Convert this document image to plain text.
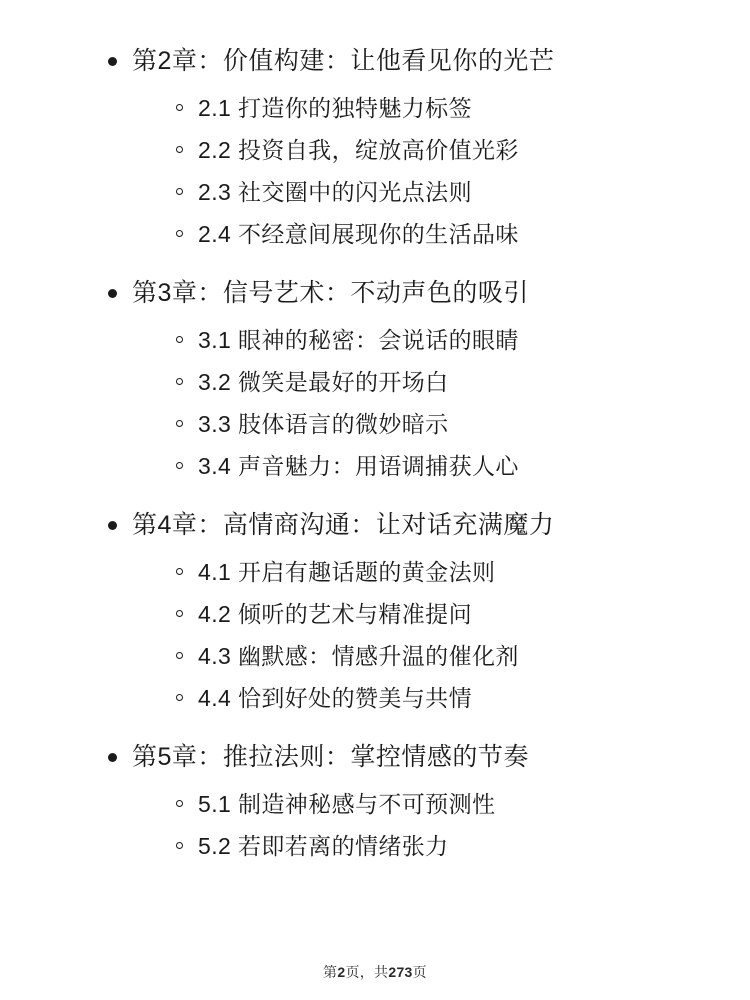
第2章：价值构建：让他看见你的光芒
2.1 打造你的独特魅力标签
2.2 投资自我，绽放高价值光彩
2.3 社交圈中的闪光点法则
2.4 不经意间展现你的生活品味
第3章：信号艺术：不动声色的吸引
3.1 眼神的秘密：会说话的眼睛
3.2 微笑是最好的开场白
3.3 肢体语言的微妙暗示
3.4 声音魅力：用语调捕获人心
第4章：高情商沟通：让对话充满魔力
4.1 开启有趣话题的黄金法则
4.2 倾听的艺术与精准提问
4.3 幽默感：情感升温的催化剂
4.4 恰到好处的赞美与共情
第5章：推拉法则：掌控情感的节奏
5.1 制造神秘感与不可预测性
5.2 若即若离的情绪张力
第2页，共273页
